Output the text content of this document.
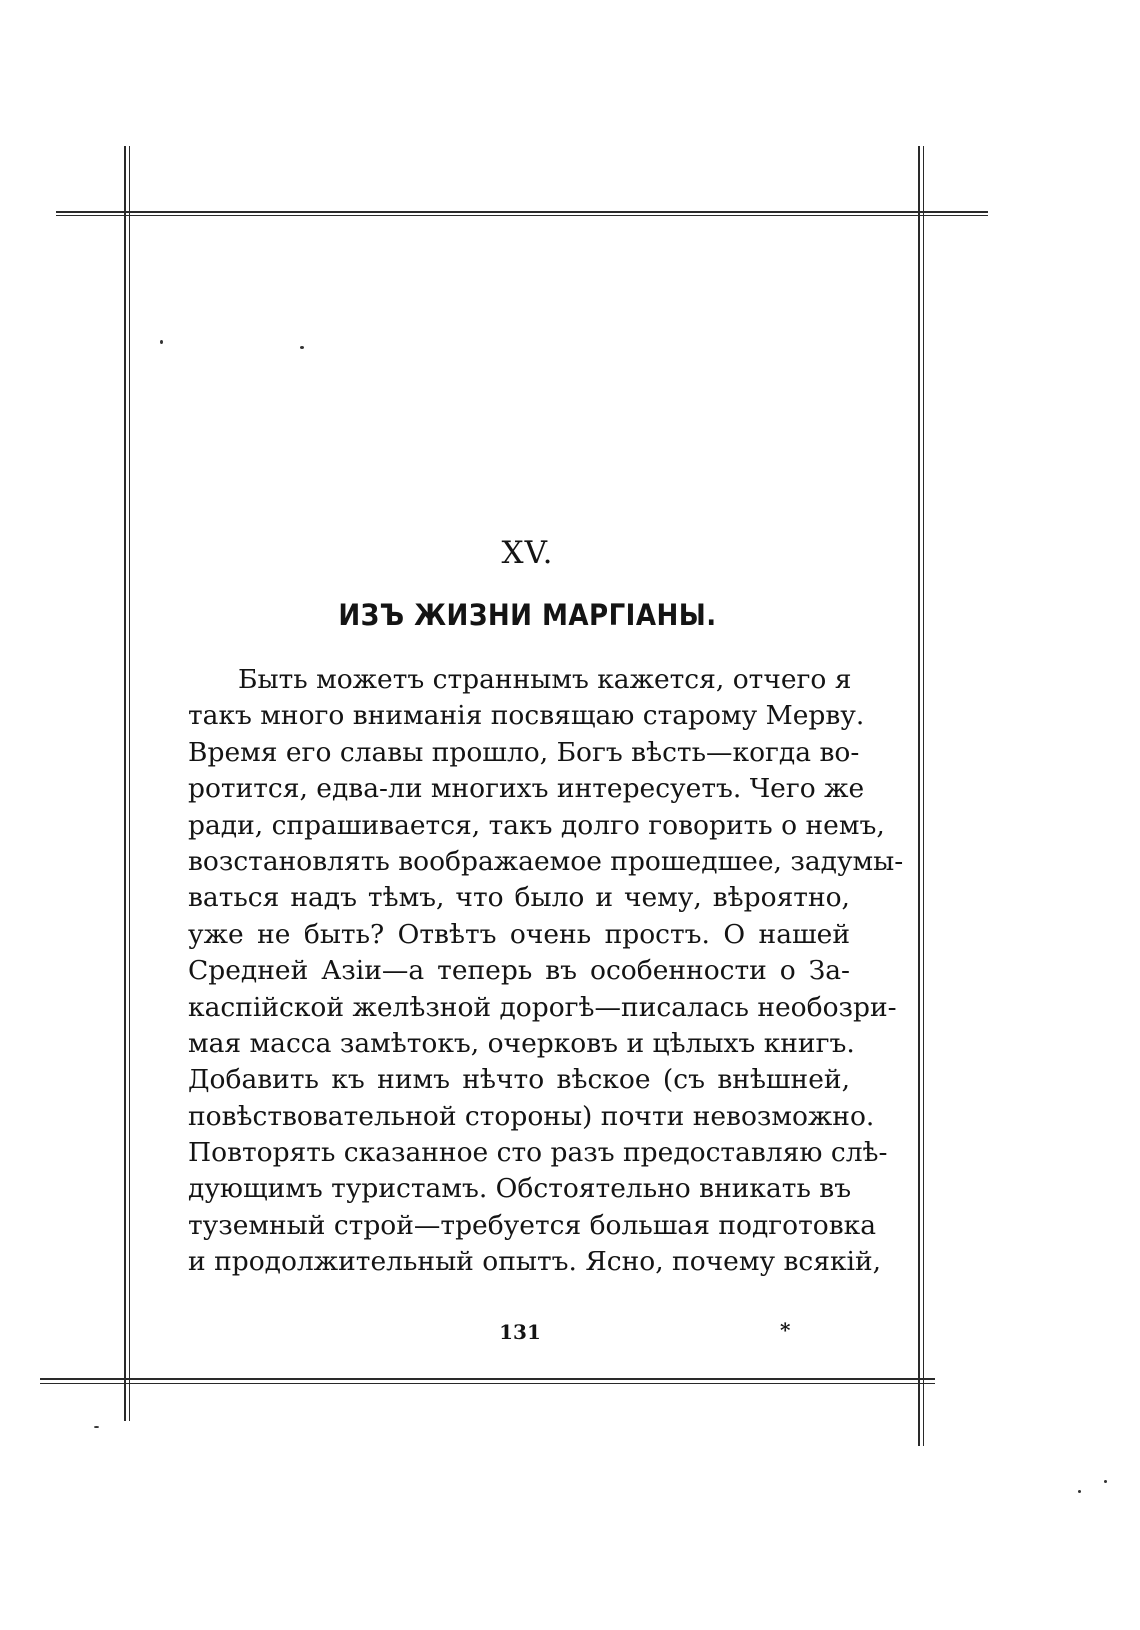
XV.
ИЗЪ ЖИЗНИ МАРГІАНЫ.
Быть можетъ страннымъ кажется, отчего я
такъ много вниманія посвящаю старому Мерву.
Время его славы прошло, Богъ вѣсть—когда во-
ротится, едва-ли многихъ интересуетъ. Чего же
ради, спрашивается, такъ долго говорить о немъ,
возстановлять воображаемое прошедшее, задумы-
ваться надъ тѣмъ, что было и чему, вѣроятно,
уже не быть? Отвѣтъ очень простъ. О нашей
Средней Азіи—а теперь въ особенности о За-
каспійской желѣзной дорогѣ—писалась необозри-
мая масса замѣтокъ, очерковъ и цѣлыхъ книгъ.
Добавить къ нимъ нѣчто вѣское (съ внѣшней,
повѣствовательной стороны) почти невозможно.
Повторять сказанное сто разъ предоставляю слѣ-
дующимъ туристамъ. Обстоятельно вникать въ
туземный строй—требуется большая подготовка
и продолжительный опытъ. Ясно, почему всякій,
131	*
